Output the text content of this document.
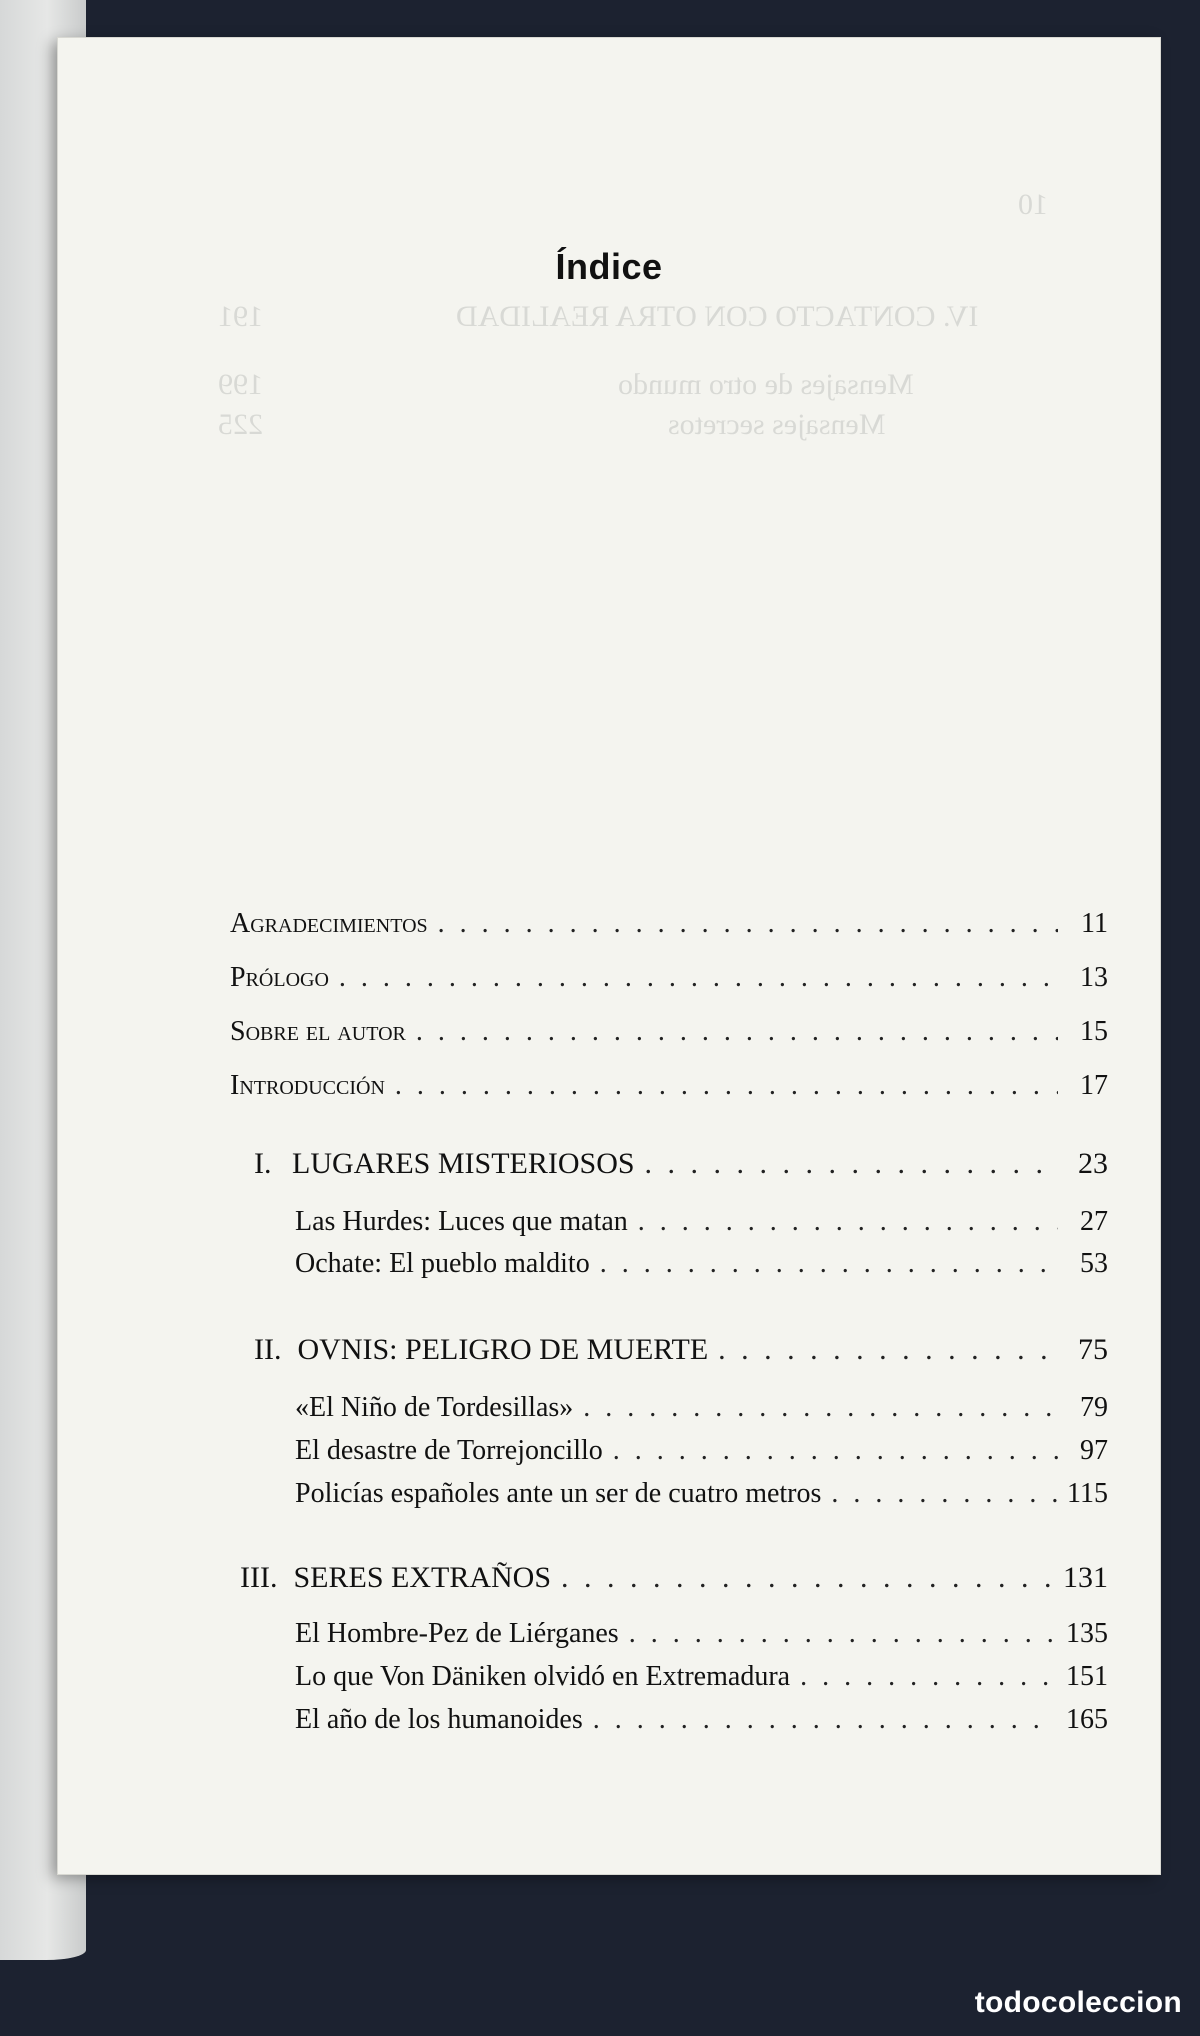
10
IV. CONTACTO CON OTRA REALIDAD
191
Mensajes de otro mundo
199
Mensajes secretos
225
Índice
Agradecimientos . . .	11
Prólogo . . .	13
Sobre el autor . . .	15
Introducción . . .	17
I. LUGARES MISTERIOSOS . . .	23
Las Hurdes: Luces que matan . . .	27
Ochate: El pueblo maldito . . .	53
II. OVNIS: PELIGRO DE MUERTE . . .	75
«El Niño de Tordesillas» . . .	79
El desastre de Torrejoncillo . . .	97
Policías españoles ante un ser de cuatro metros . . .	115
III. SERES EXTRAÑOS . . .	131
El Hombre-Pez de Liérganes . . .	135
Lo que Von Däniken olvidó en Extremadura . . .	151
El año de los humanoides . . .	165
todocoleccion
